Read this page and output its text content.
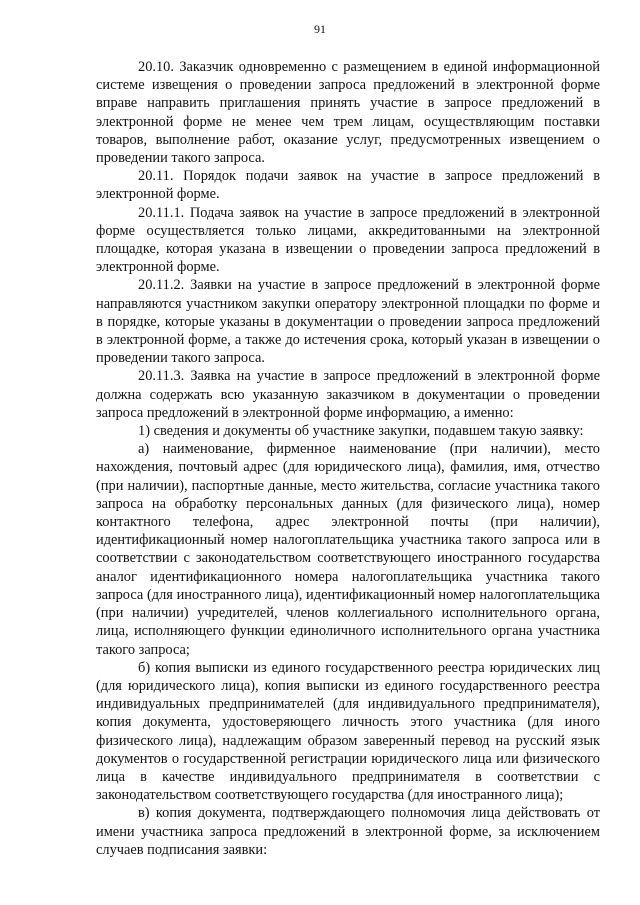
91

20.10. Заказчик одновременно с размещением в единой информационной системе извещения о проведении запроса предложений в электронной форме вправе направить приглашения принять участие в запросе предложений в электронной форме не менее чем трем лицам, осуществляющим поставки товаров, выполнение работ, оказание услуг, предусмотренных извещением о проведении такого запроса.

20.11. Порядок подачи заявок на участие в запросе предложений в электронной форме.

20.11.1. Подача заявок на участие в запросе предложений в электронной форме осуществляется только лицами, аккредитованными на электронной площадке, которая указана в извещении о проведении запроса предложений в электронной форме.

20.11.2. Заявки на участие в запросе предложений в электронной форме направляются участником закупки оператору электронной площадки по форме и в порядке, которые указаны в документации о проведении запроса предложений в электронной форме, а также до истечения срока, который указан в извещении о проведении такого запроса.

20.11.3. Заявка на участие в запросе предложений в электронной форме должна содержать всю указанную заказчиком в документации о проведении запроса предложений в электронной форме информацию, а именно:

1) сведения и документы об участнике закупки, подавшем такую заявку:

а) наименование, фирменное наименование (при наличии), место нахождения, почтовый адрес (для юридического лица), фамилия, имя, отчество (при наличии), паспортные данные, место жительства, согласие участника такого запроса на обработку персональных данных (для физического лица), номер контактного телефона, адрес электронной почты (при наличии), идентификационный номер налогоплательщика участника такого запроса или в соответствии с законодательством соответствующего иностранного государства аналог идентификационного номера налогоплательщика участника такого запроса (для иностранного лица), идентификационный номер налогоплательщика (при наличии) учредителей, членов коллегиального исполнительного органа, лица, исполняющего функции единоличного исполнительного органа участника такого запроса;

б) копия выписки из единого государственного реестра юридических лиц (для юридического лица), копия выписки из единого государственного реестра индивидуальных предпринимателей (для индивидуального предпринимателя), копия документа, удостоверяющего личность этого участника (для иного физического лица), надлежащим образом заверенный перевод на русский язык документов о государственной регистрации юридического лица или физического лица в качестве индивидуального предпринимателя в соответствии с законодательством соответствующего государства (для иностранного лица);

в) копия документа, подтверждающего полномочия лица действовать от имени участника запроса предложений в электронной форме, за исключением случаев подписания заявки:
